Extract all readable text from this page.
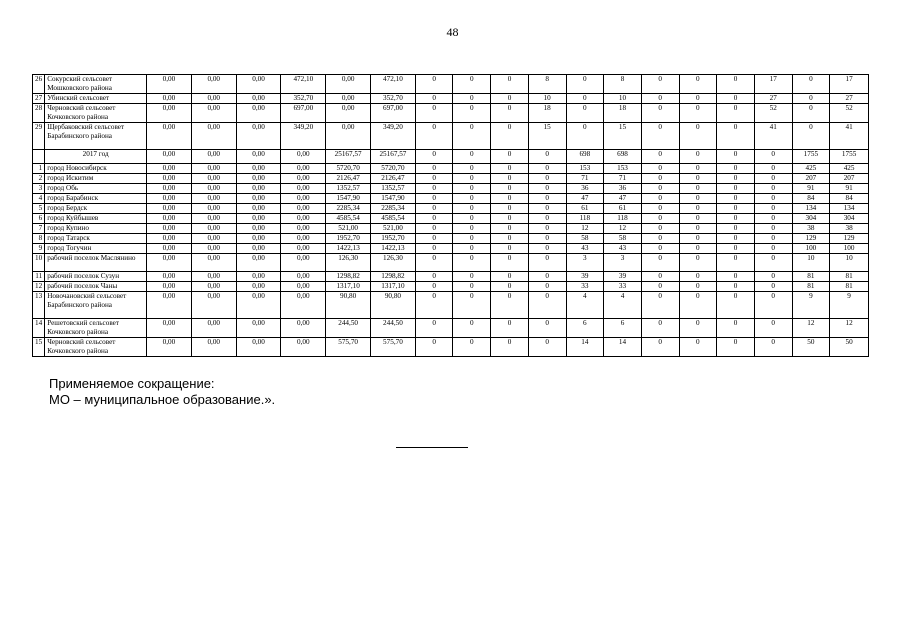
48
26	Сокурский сельсовет Мошковского района	0,00	0,00	0,00	472,10	0,00	472,10	0	0	0	8	0	8	0	0	0	17	0	17
27	Убинский сельсовет	0,00	0,00	0,00	352,70	0,00	352,70	0	0	0	10	0	10	0	0	0	27	0	27
28	Черновский сельсовет Кочковского района	0,00	0,00	0,00	697,00	0,00	697,00	0	0	0	18	0	18	0	0	0	52	0	52
29	Щербаковский сельсовет Барабинского района	0,00	0,00	0,00	349,20	0,00	349,20	0	0	0	15	0	15	0	0	0	41	0	41
	2017 год	0,00	0,00	0,00	0,00	25167,57	25167,57	0	0	0	0	698	698	0	0	0	0	1755	1755
1	город Новосибирск	0,00	0,00	0,00	0,00	5720,70	5720,70	0	0	0	0	153	153	0	0	0	0	425	425
2	город Искитим	0,00	0,00	0,00	0,00	2126,47	2126,47	0	0	0	0	71	71	0	0	0	0	207	207
3	город Обь	0,00	0,00	0,00	0,00	1352,57	1352,57	0	0	0	0	36	36	0	0	0	0	91	91
4	город Барабинск	0,00	0,00	0,00	0,00	1547,90	1547,90	0	0	0	0	47	47	0	0	0	0	84	84
5	город Бердск	0,00	0,00	0,00	0,00	2285,34	2285,34	0	0	0	0	61	61	0	0	0	0	134	134
6	город Куйбышев	0,00	0,00	0,00	0,00	4585,54	4585,54	0	0	0	0	118	118	0	0	0	0	304	304
7	город Купино	0,00	0,00	0,00	0,00	521,00	521,00	0	0	0	0	12	12	0	0	0	0	38	38
8	город Татарск	0,00	0,00	0,00	0,00	1952,70	1952,70	0	0	0	0	58	58	0	0	0	0	129	129
9	город Тогучин	0,00	0,00	0,00	0,00	1422,13	1422,13	0	0	0	0	43	43	0	0	0	0	100	100
10	рабочий поселок Маслянино	0,00	0,00	0,00	0,00	126,30	126,30	0	0	0	0	3	3	0	0	0	0	10	10
11	рабочий поселок Сузун	0,00	0,00	0,00	0,00	1298,82	1298,82	0	0	0	0	39	39	0	0	0	0	81	81
12	рабочий поселок Чаны	0,00	0,00	0,00	0,00	1317,10	1317,10	0	0	0	0	33	33	0	0	0	0	81	81
13	Новочановский сельсовет Барабинского района	0,00	0,00	0,00	0,00	90,80	90,80	0	0	0	0	4	4	0	0	0	0	9	9
14	Решетовский сельсовет Кочковского района	0,00	0,00	0,00	0,00	244,50	244,50	0	0	0	0	6	6	0	0	0	0	12	12
15	Черновский сельсовет Кочковского района	0,00	0,00	0,00	0,00	575,70	575,70	0	0	0	0	14	14	0	0	0	0	50	50
Применяемое сокращение:
МО – муниципальное образование.».
